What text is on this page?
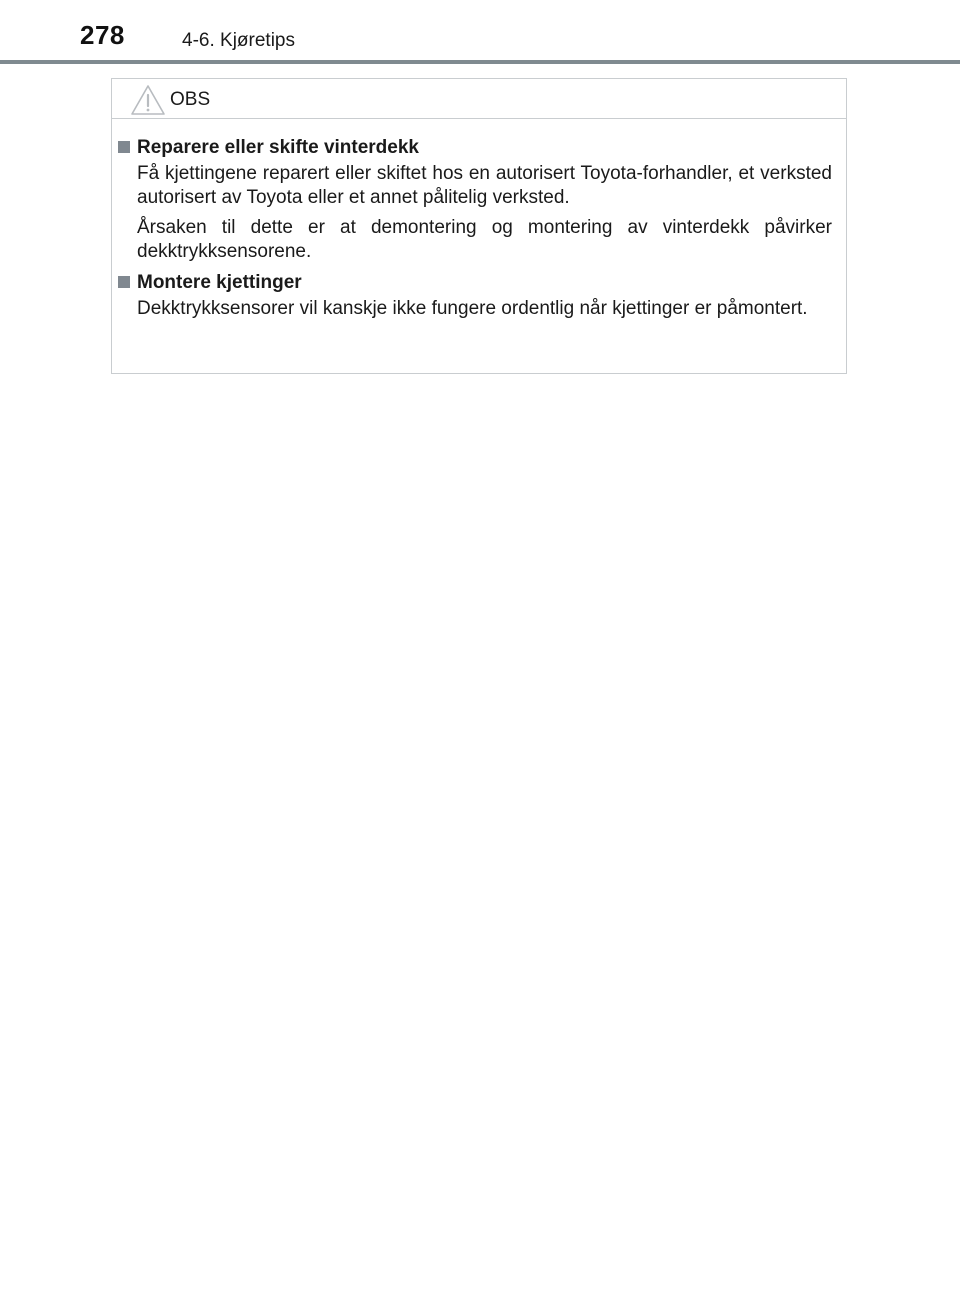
278	4-6. Kjøretips
OBS
Reparere eller skifte vinterdekk

Få kjettingene reparert eller skiftet hos en autorisert Toyota-forhandler, et verksted autorisert av Toyota eller et annet pålitelig verksted.

Årsaken til dette er at demontering og montering av vinterdekk påvirker dekktrykksensorene.

Montere kjettinger

Dekktrykksensorer vil kanskje ikke fungere ordentlig når kjettinger er påmontert.
